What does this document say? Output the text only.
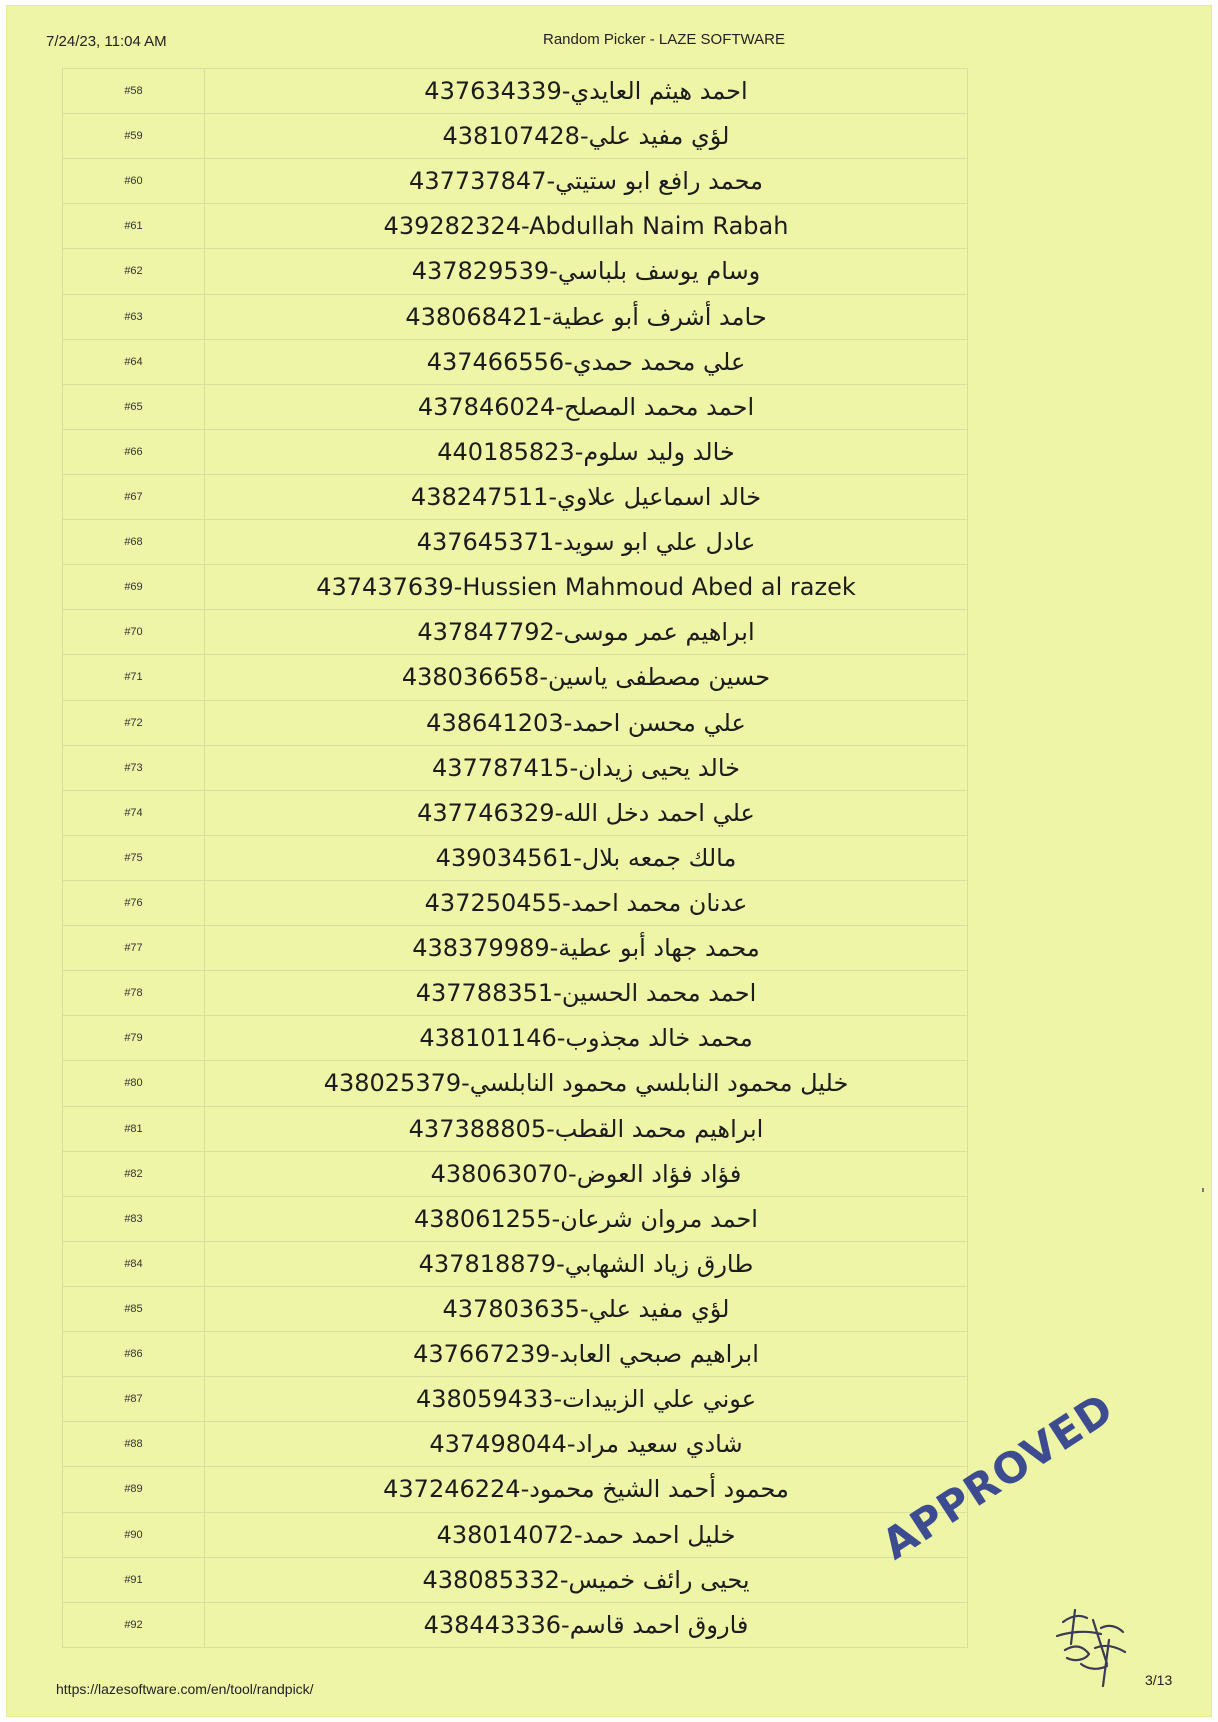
7/24/23, 11:04 AM	Random Picker - LAZE SOFTWARE
#58	احمد هيثم العايدي-437634339
#59	لؤي مفيد علي-438107428
#60	محمد رافع ابو ستيتي-437737847
#61	439282324-Abdullah Naim Rabah
#62	وسام يوسف بلباسي-437829539
#63	حامد أشرف أبو عطية-438068421
#64	علي محمد حمدي-437466556
#65	احمد محمد المصلح-437846024
#66	خالد وليد سلوم-440185823
#67	خالد اسماعيل علاوي-438247511
#68	عادل علي ابو سويد-437645371
#69	437437639-Hussien Mahmoud Abed al razek
#70	ابراهيم عمر موسى-437847792
#71	حسين مصطفى ياسين-438036658
#72	علي محسن احمد-438641203
#73	خالد يحيى زيدان-437787415
#74	علي احمد دخل الله-437746329
#75	مالك جمعه بلال-439034561
#76	عدنان محمد احمد-437250455
#77	محمد جهاد أبو عطية-438379989
#78	احمد محمد الحسين-437788351
#79	محمد خالد مجذوب-438101146
#80	خليل محمود النابلسي محمود النابلسي-438025379
#81	ابراهيم محمد القطب-437388805
#82	فؤاد فؤاد العوض-438063070
#83	احمد مروان شرعان-438061255
#84	طارق زياد الشهابي-437818879
#85	لؤي مفيد علي-437803635
#86	ابراهيم صبحي العابد-437667239
#87	عوني علي الزبيدات-438059433
#88	شادي سعيد مراد-437498044
#89	محمود أحمد الشيخ محمود-437246224
#90	خليل احمد حمد-438014072
#91	يحيى رائف خميس-438085332
#92	فاروق احمد قاسم-438443336
APPROVED
https://lazesoftware.com/en/tool/randpick/
3/13
